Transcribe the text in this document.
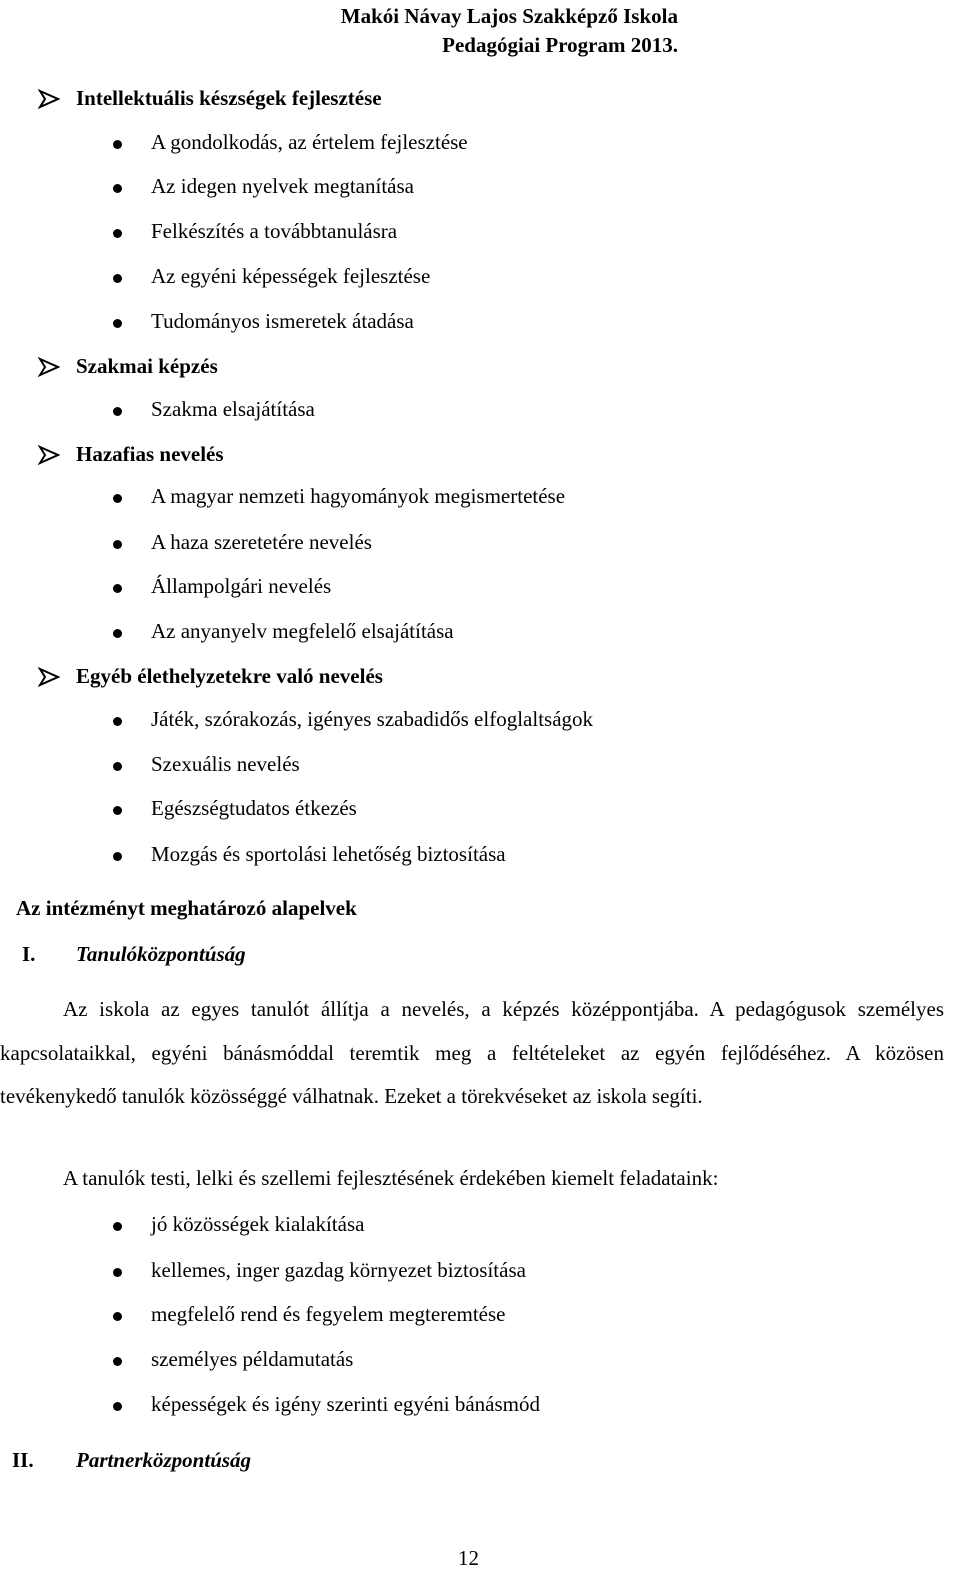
Makói Návay Lajos Szakképző Iskola
Pedagógiai Program 2013.
Intellektuális készségek fejlesztése
A gondolkodás, az értelem fejlesztése
Az idegen nyelvek megtanítása
Felkészítés a továbbtanulásra
Az egyéni képességek fejlesztése
Tudományos ismeretek átadása
Szakmai képzés
Szakma elsajátítása
Hazafias nevelés
A magyar nemzeti hagyományok megismertetése
A haza szeretetére nevelés
Állampolgári nevelés
Az anyanyelv megfelelő elsajátítása
Egyéb élethelyzetekre való nevelés
Játék, szórakozás, igényes szabadidős elfoglaltságok
Szexuális nevelés
Egészségtudatos étkezés
Mozgás és sportolási lehetőség biztosítása
Az intézményt meghatározó alapelvek
I. Tanulóközpontúság
Az iskola az egyes tanulót állítja a nevelés, a képzés középpontjába. A pedagógusok személyes kapcsolataikkal, egyéni bánásmóddal teremtik meg a feltételeket az egyén fejlődéséhez. A közösen tevékenykedő tanulók közösséggé válhatnak. Ezeket a törekvéseket az iskola segíti.
A tanulók testi, lelki és szellemi fejlesztésének érdekében kiemelt feladataink:
jó közösségek kialakítása
kellemes, inger gazdag környezet biztosítása
megfelelő rend és fegyelem megteremtése
személyes példamutatás
képességek és igény szerinti egyéni bánásmód
II. Partnerközpontúság
12
